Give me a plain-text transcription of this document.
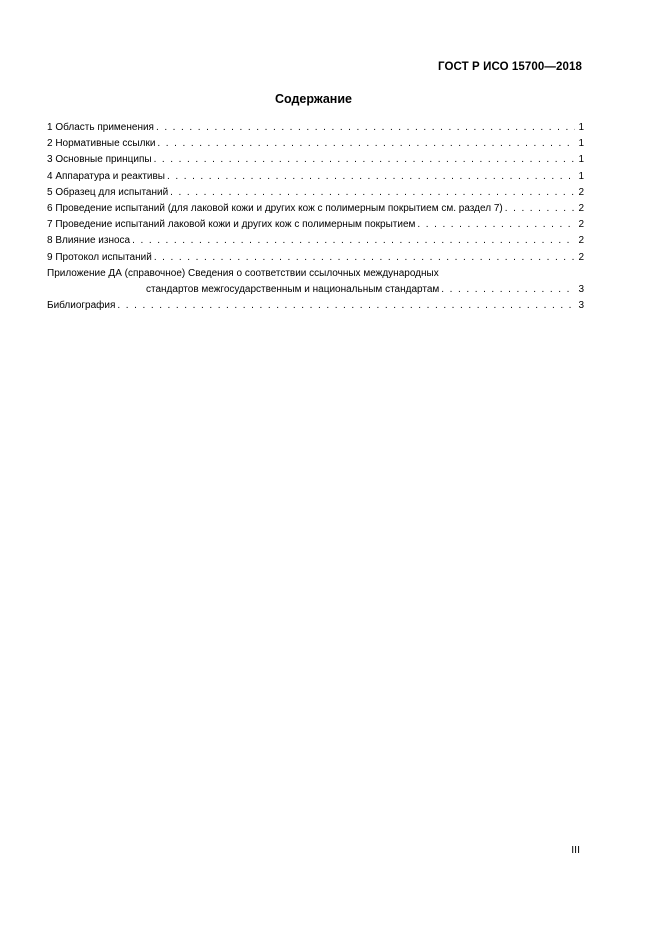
ГОСТ Р ИСО 15700—2018
Содержание
1 Область применения . . .	1
2 Нормативные ссылки . . .	1
3 Основные принципы . . .	1
4 Аппаратура и реактивы . . .	1
5 Образец для испытаний . . .	2
6 Проведение испытаний (для лаковой кожи и других кож с полимерным покрытием см. раздел 7) . . .	2
7 Проведение испытаний лаковой кожи и других кож с полимерным покрытием . . .	2
8 Влияние износа . . .	2
9 Протокол испытаний . . .	2
Приложение ДА (справочное) Сведения о соответствии ссылочных международных
стандартов межгосударственным и национальным стандартам . . .	3
Библиография . . .	3
III
